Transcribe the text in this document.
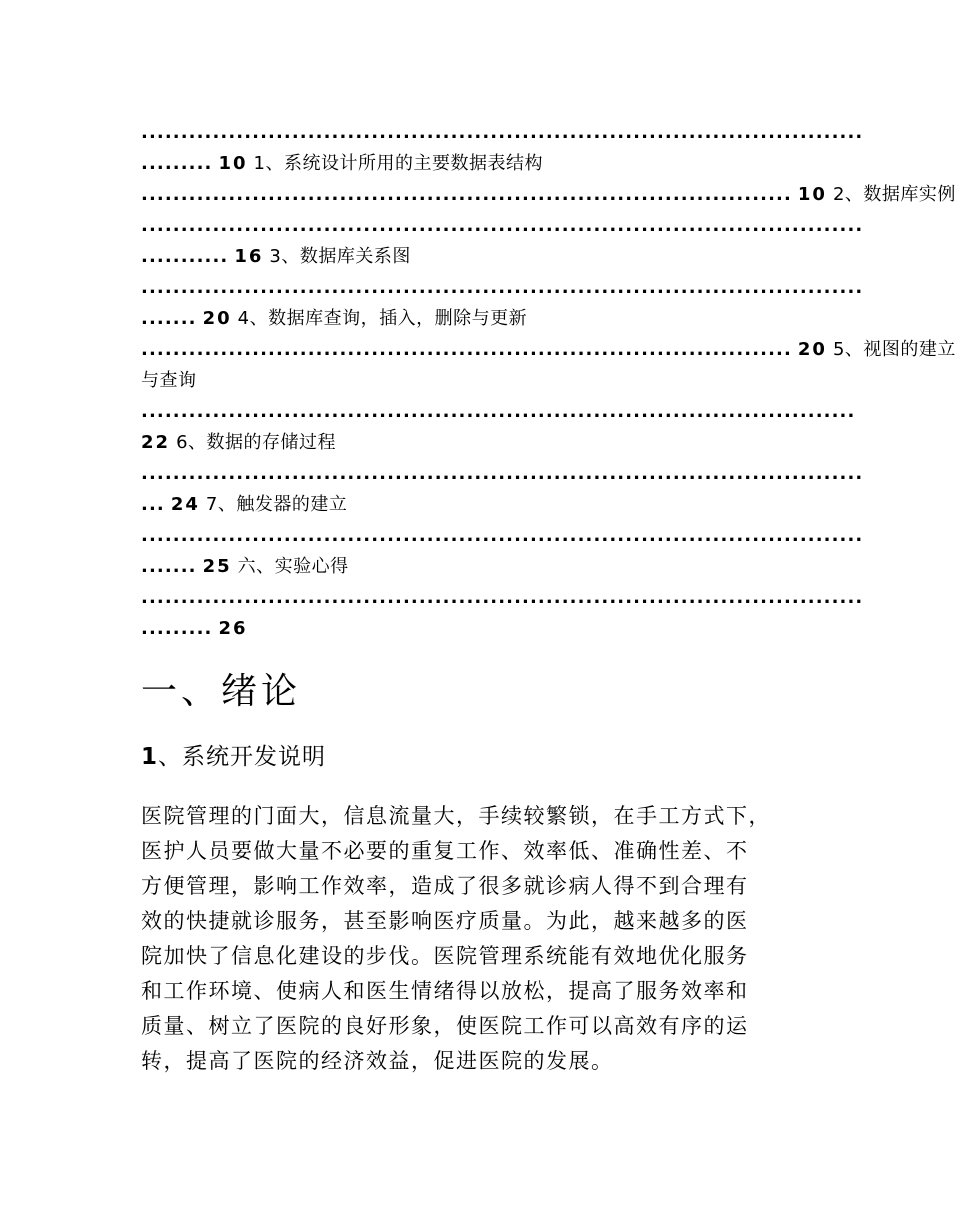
...........................................................................................
......... 10 1、系统设计所用的主要数据表结构
.................................................................................. 10 2、数据库实例
...........................................................................................
........... 16 3、数据库关系图
...........................................................................................
....... 20 4、数据库查询，插入，删除与更新
.................................................................................. 20 5、视图的建立
与查询
..........................................................................................
22 6、数据的存储过程
...........................................................................................
... 24 7、触发器的建立
...........................................................................................
....... 25 六、实验心得
...........................................................................................
......... 26
一、绪论
1、系统开发说明
医院管理的门面大，信息流量大，手续较繁锁，在手工方式下，
医护人员要做大量不必要的重复工作、效率低、准确性差、不
方便管理，影响工作效率，造成了很多就诊病人得不到合理有
效的快捷就诊服务，甚至影响医疗质量。为此，越来越多的医
院加快了信息化建设的步伐。医院管理系统能有效地优化服务
和工作环境、使病人和医生情绪得以放松，提高了服务效率和
质量、树立了医院的良好形象，使医院工作可以高效有序的运
转，提高了医院的经济效益，促进医院的发展。
